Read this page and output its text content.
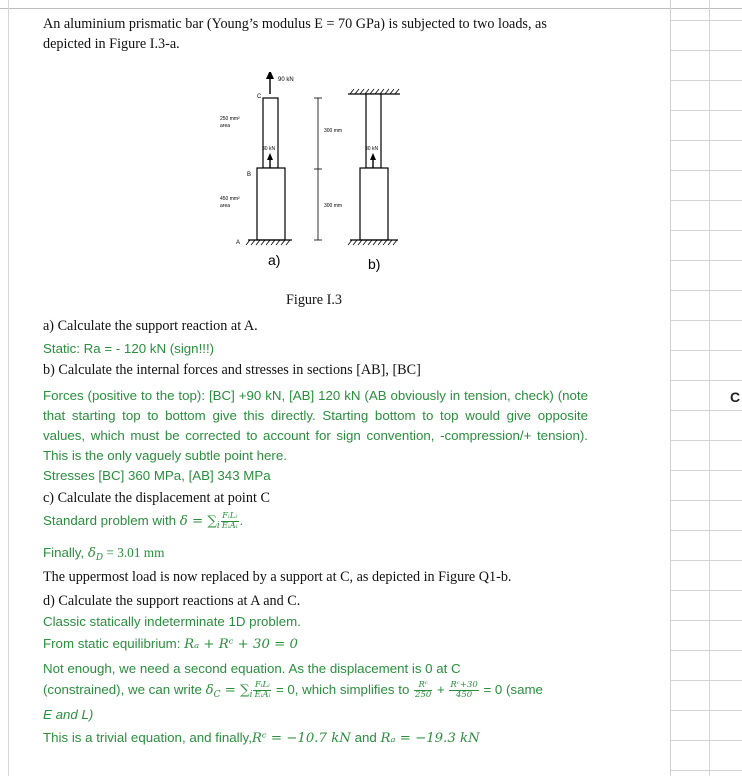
C
An aluminium prismatic bar (Young’s modulus E = 70 GPa) is subjected to two loads, as
depicted in Figure I.3-a.
90 kN
C
30 kN
B
A
250 mm²
area
450 mm²
area
300 mm
300 mm
a)
30 kN
b)
Figure I.3
a) Calculate the support reaction at A.
Static: Ra = - 120 kN (sign!!!)
b) Calculate the internal forces and stresses in sections [AB], [BC]
Forces (positive to the top): [BC] +90 kN, [AB] 120 kN (AB obviously in tension, check) (note that starting top to bottom give this directly. Starting bottom to top would give opposite values, which must be corrected to account for sign convention, -compression/+ tension). This is the only vaguely subtle point here.
Stresses [BC] 360 MPa, [AB] 343 MPa
c) Calculate the displacement at point C
Standard problem with $\delta = \sum_i \frac{\text{FᵢLᵢ}}{\text{EᵢAᵢ}}$ .
Finally, $\delta_D = 3.01$ mm
The uppermost load is now replaced by a support at C, as depicted in Figure Q1-b.
d) Calculate the support reactions at A and C.
Classic statically indeterminate 1D problem.
From static equilibrium: Rₐ + Rᶜ + 30 = 0
Not enough, we need a second equation. As the displacement is 0 at C
(constrained), we can write $\delta_C = \sum_i \frac{\text{FᵢLᵢ}}{\text{EᵢAᵢ}} = 0$, which simplifies to $\frac{\text{Rᶜ}}{250} + \frac{\text{Rᶜ+30}}{450} = 0$ (same
E and L)
This is a trivial equation, and finally,Rᶜ = −10.7 kN and Rₐ = −19.3 kN
